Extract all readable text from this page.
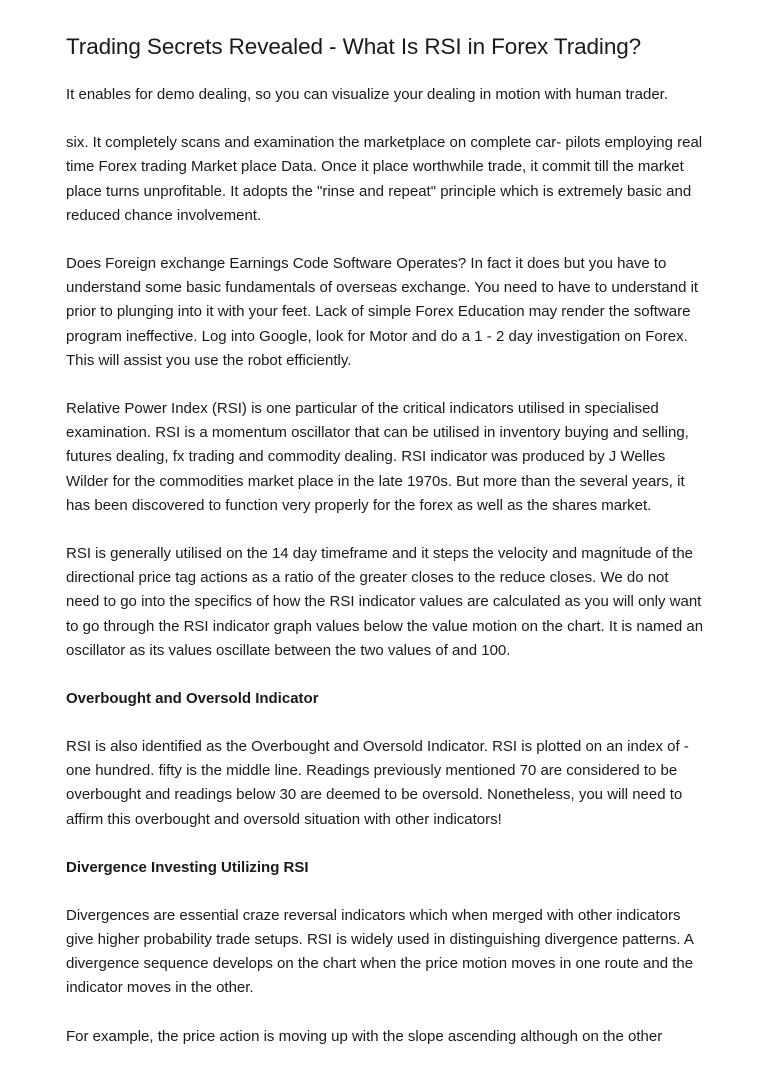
Trading Secrets Revealed - What Is RSI in Forex Trading?

It enables for demo dealing, so you can visualize your dealing in motion with human trader.

six. It completely scans and examination the marketplace on complete car- pilots employing real time Forex trading Market place Data. Once it place worthwhile trade, it commit till the market place turns unprofitable. It adopts the "rinse and repeat" principle which is extremely basic and reduced chance involvement.

Does Foreign exchange Earnings Code Software Operates? In fact it does but you have to understand some basic fundamentals of overseas exchange. You need to have to understand it prior to plunging into it with your feet. Lack of simple Forex Education may render the software program ineffective. Log into Google, look for Motor and do a 1 - 2 day investigation on Forex. This will assist you use the robot efficiently.

Relative Power Index (RSI) is one particular of the critical indicators utilised in specialised examination. RSI is a momentum oscillator that can be utilised in inventory buying and selling, futures dealing, fx trading and commodity dealing. RSI indicator was produced by J Welles Wilder for the commodities market place in the late 1970s. But more than the several years, it has been discovered to function very properly for the forex as well as the shares market.

RSI is generally utilised on the 14 day timeframe and it steps the velocity and magnitude of the directional price tag actions as a ratio of the greater closes to the reduce closes. We do not need to go into the specifics of how the RSI indicator values are calculated as you will only want to go through the RSI indicator graph values below the value motion on the chart. It is named an oscillator as its values oscillate between the two values of and 100.

Overbought and Oversold Indicator

RSI is also identified as the Overbought and Oversold Indicator. RSI is plotted on an index of -one hundred. fifty is the middle line. Readings previously mentioned 70 are considered to be overbought and readings below 30 are deemed to be oversold. Nonetheless, you will need to affirm this overbought and oversold situation with other indicators!

Divergence Investing Utilizing RSI

Divergences are essential craze reversal indicators which when merged with other indicators give higher probability trade setups. RSI is widely used in distinguishing divergence patterns. A divergence sequence develops on the chart when the price motion moves in one route and the indicator moves in the other.

For example, the price action is moving up with the slope ascending although on the other
